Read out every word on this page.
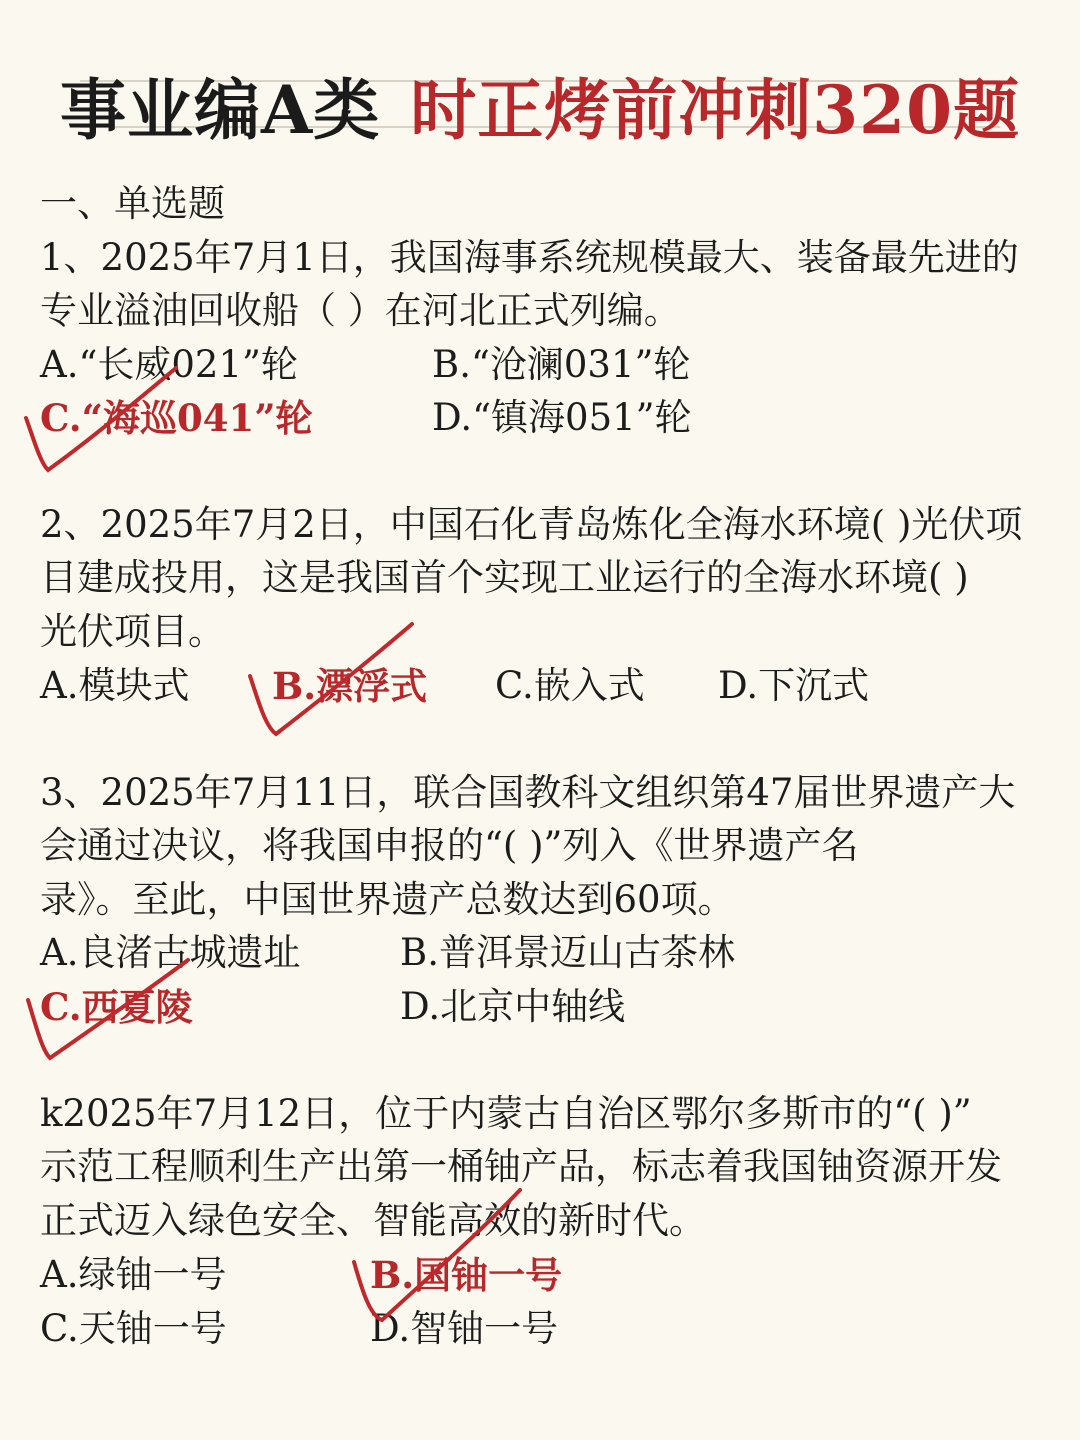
事业编A类 时正烤前冲刺320题
一、单选题
1、2025年7月1日，我国海事系统规模最大、装备最先进的
专业溢油回收船（ ）在河北正式列编。
A.“长威021”轮	B.“沧澜031”轮
C.“海巡041”轮	D.“镇海051”轮
2、2025年7月2日，中国石化青岛炼化全海水环境( )光伏项
目建成投用，这是我国首个实现工业运行的全海水环境( )
光伏项目。
A.模块式 B.漂浮式 C.嵌入式 D.下沉式
3、2025年7月11日，联合国教科文组织第47届世界遗产大
会通过决议，将我国申报的“( )”列入《世界遗产名
录》。至此，中国世界遗产总数达到60项。
A.良渚古城遗址	B.普洱景迈山古茶林
C.西夏陵	D.北京中轴线
k2025年7月12日，位于内蒙古自治区鄂尔多斯市的“( )”
示范工程顺利生产出第一桶铀产品，标志着我国铀资源开发
正式迈入绿色安全、智能高效的新时代。
A.绿铀一号	B.国铀一号
C.天铀一号	D.智铀一号
